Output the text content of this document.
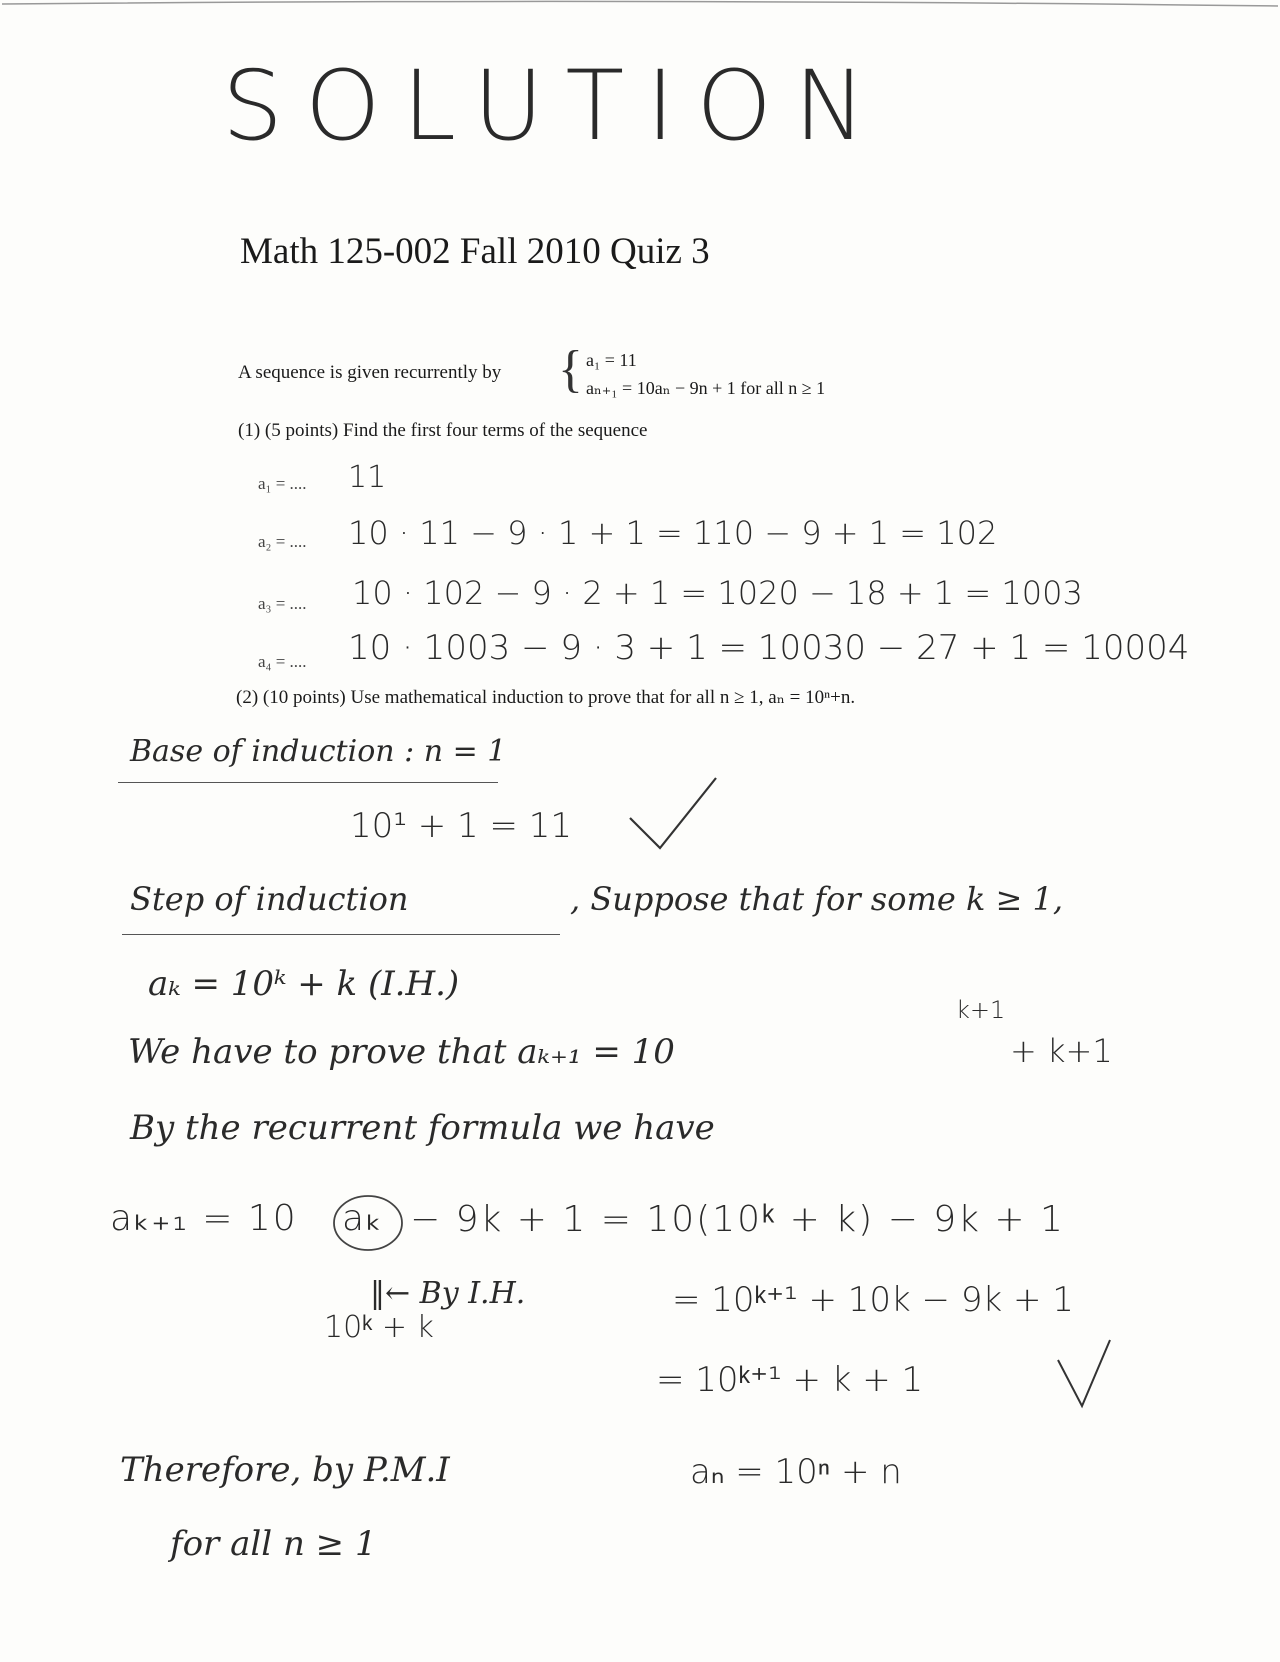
SOLUTION
Math 125-002 Fall 2010 Quiz 3
A sequence is given recurrently by { a₁ = 11
aₙ₊₁ = 10aₙ − 9n + 1 for all n ≥ 1
(1) (5 points) Find the first four terms of the sequence
a₁ = .... 11
a₂ = .... 10 · 11 − 9 · 1 + 1 = 110 − 9 + 1 = 102
a₃ = .... 10 · 102 − 9 · 2 + 1 = 1020 − 18 + 1 = 1003
a₄ = .... 10 · 1003 − 9 · 3 + 1 = 10030 − 27 + 1 = 10004
(2) (10 points) Use mathematical induction to prove that for all n ≥ 1, aₙ = 10ⁿ+n.
Base of induction : n = 1
10¹ + 1 = 11
Step of induction	, Suppose that for some k ≥ 1,
aₖ = 10ᵏ + k (I.H.)
We have to prove that aₖ₊₁ = 10
k+1
+ k+1
By the recurrent formula we have
aₖ₊₁ = 10 aₖ − 9k + 1 = 10(10ᵏ + k) − 9k + 1
‖← By I.H.
10ᵏ + k
= 10ᵏ⁺¹ + 10k − 9k + 1
= 10ᵏ⁺¹ + k + 1
Therefore, by P.M.I	aₙ = 10ⁿ + n
for all n ≥ 1
